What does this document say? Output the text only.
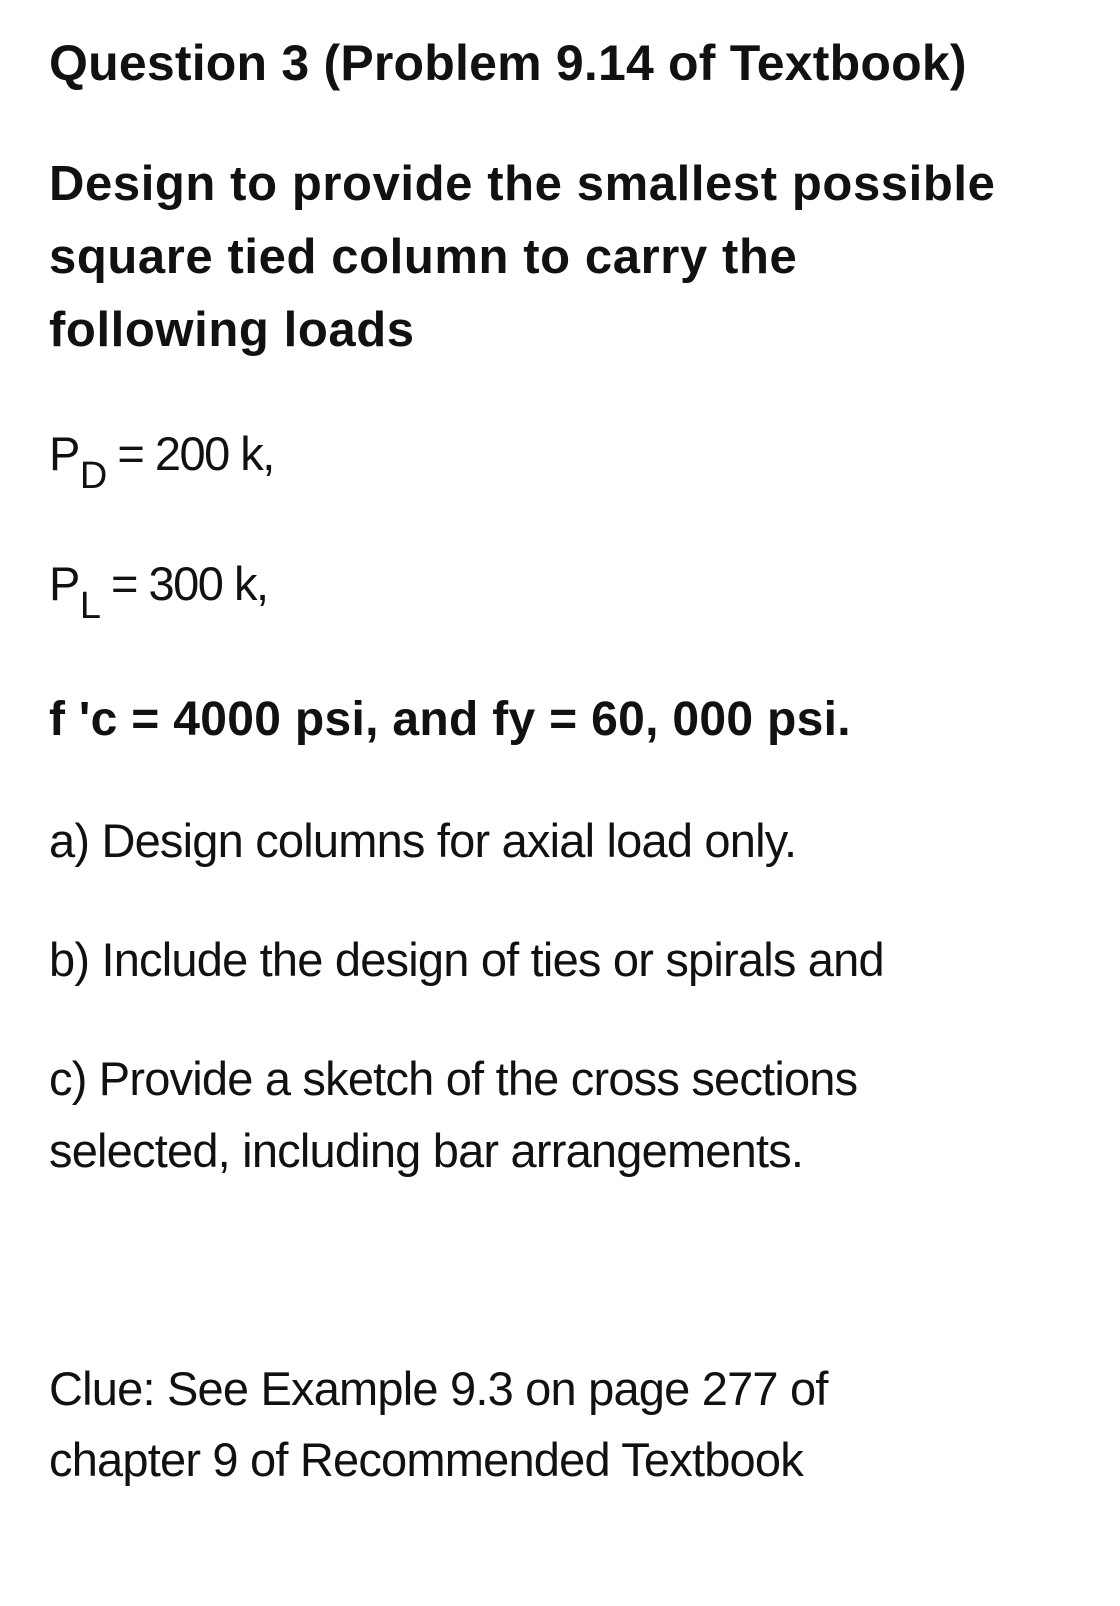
Question 3 (Problem 9.14 of Textbook)

Design to provide the smallest possible

square tied column to carry the

following loads

$P_D = 200$ k,

$P_L = 300$ k,

f 'c = 4000 psi, and fy = 60, 000 psi.

a) Design columns for axial load only.

b) Include the design of ties or spirals and

c) Provide a sketch of the cross sections

selected, including bar arrangements.

Clue: See Example 9.3 on page 277 of

chapter 9 of Recommended Textbook
